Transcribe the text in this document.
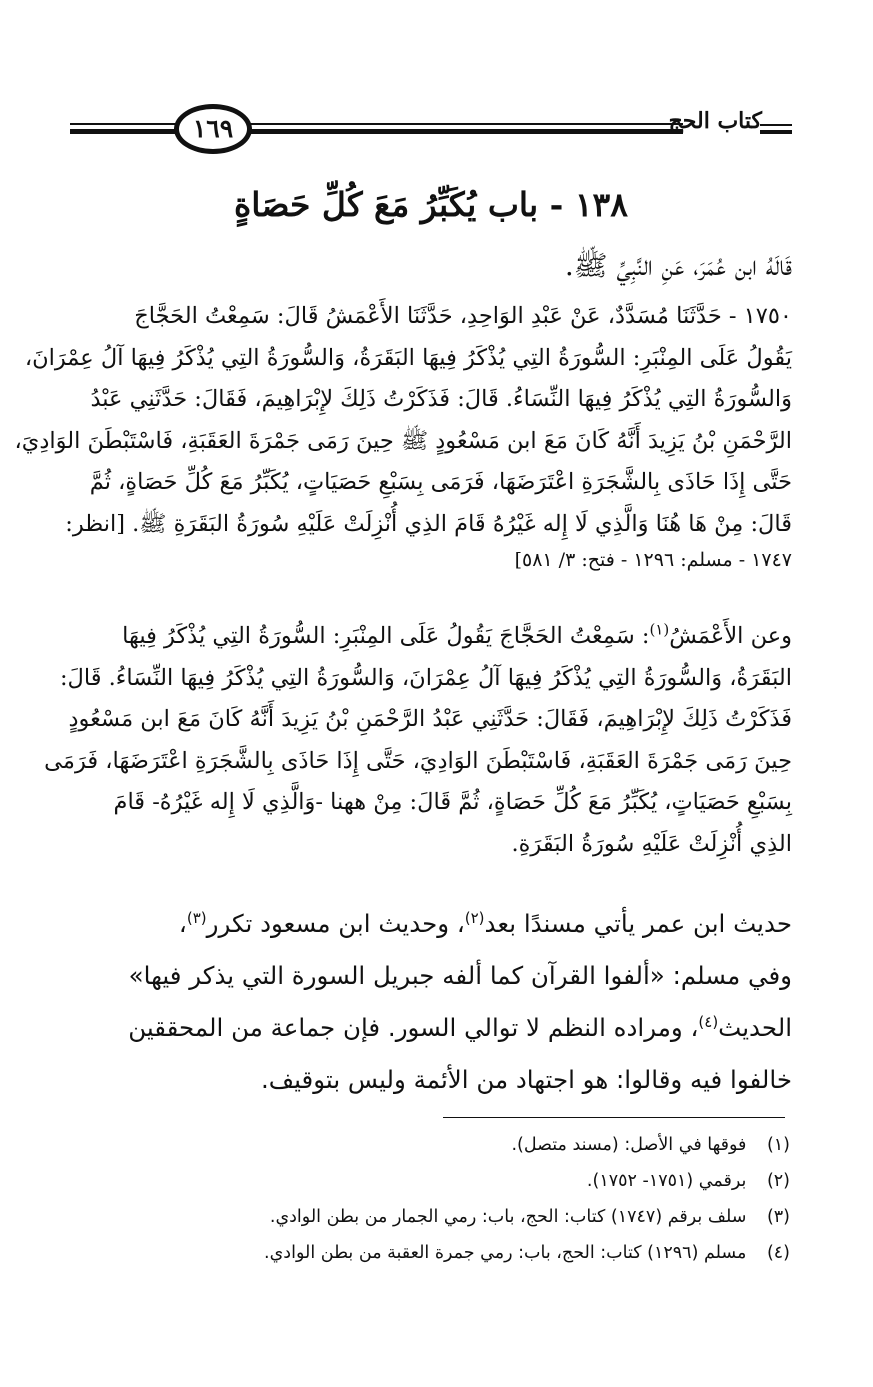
١٦٩	كتاب الحج
١٣٨ - باب يُكَبِّرُ مَعَ كُلِّ حَصَاةٍ
قَالَهُ ابن عُمَرَ، عَنِ النَّبِيِّ ﷺ.
١٧٥٠ - حَدَّثَنَا مُسَدَّدٌ، عَنْ عَبْدِ الوَاحِدِ، حَدَّثَنَا الأَعْمَشُ قَالَ: سَمِعْتُ الحَجَّاجَ
يَقُولُ عَلَى المِنْبَرِ: السُّورَةُ التِي يُذْكَرُ فِيهَا البَقَرَةُ، وَالسُّورَةُ التِي يُذْكَرُ فِيهَا آلُ عِمْرَانَ،
وَالسُّورَةُ التِي يُذْكَرُ فِيهَا النِّسَاءُ. قَالَ: فَذَكَرْتُ ذَلِكَ لإِبْرَاهِيمَ، فَقَالَ: حَدَّثَنِي عَبْدُ
الرَّحْمَنِ بْنُ يَزِيدَ أَنَّهُ كَانَ مَعَ ابن مَسْعُودٍ ﷺ حِينَ رَمَى جَمْرَةَ العَقَبَةِ، فَاسْتَبْطَنَ الوَادِيَ،
حَتَّى إِذَا حَاذَى بِالشَّجَرَةِ اعْتَرَضَهَا، فَرَمَى بِسَبْعِ حَصَيَاتٍ، يُكَبِّرُ مَعَ كُلِّ حَصَاةٍ، ثُمَّ
قَالَ: مِنْ هَا هُنَا وَالَّذِي لَا إِله غَيْرُهُ قَامَ الذِي أُنْزِلَتْ عَلَيْهِ سُورَةُ البَقَرَةِ ﷺ. [انظر:
١٧٤٧ - مسلم: ١٢٩٦ - فتح: ٣/ ٥٨١]
وعن الأَعْمَشُ$^{(١)}$: سَمِعْتُ الحَجَّاجَ يَقُولُ عَلَى المِنْبَرِ: السُّورَةُ التِي يُذْكَرُ فِيهَا
البَقَرَةُ، وَالسُّورَةُ التِي يُذْكَرُ فِيهَا آلُ عِمْرَانَ، وَالسُّورَةُ التِي يُذْكَرُ فِيهَا النِّسَاءُ. قَالَ:
فَذَكَرْتُ ذَلِكَ لإِبْرَاهِيمَ، فَقَالَ: حَدَّثَنِي عَبْدُ الرَّحْمَنِ بْنُ يَزِيدَ أَنَّهُ كَانَ مَعَ ابن مَسْعُودٍ
حِينَ رَمَى جَمْرَةَ العَقَبَةِ، فَاسْتَبْطَنَ الوَادِيَ، حَتَّى إِذَا حَاذَى بِالشَّجَرَةِ اعْتَرَضَهَا، فَرَمَى
بِسَبْعِ حَصَيَاتٍ، يُكَبِّرُ مَعَ كُلِّ حَصَاةٍ، ثُمَّ قَالَ: مِنْ ههنا -وَالَّذِي لَا إِله غَيْرُهُ- قَامَ
الذِي أُنْزِلَتْ عَلَيْهِ سُورَةُ البَقَرَةِ.
حديث ابن عمر يأتي مسندًا بعد$^{(٢)}$، وحديث ابن مسعود تكرر$^{(٣)}$،
وفي مسلم: «ألفوا القرآن كما ألفه جبريل السورة التي يذكر فيها»
الحديث$^{(٤)}$، ومراده النظم لا توالي السور. فإن جماعة من المحققين
خالفوا فيه وقالوا: هو اجتهاد من الأئمة وليس بتوقيف.
(١) فوقها في الأصل: (مسند متصل).
(٢) برقمي (١٧٥١- ١٧٥٢).
(٣) سلف برقم (١٧٤٧) كتاب: الحج، باب: رمي الجمار من بطن الوادي.
(٤) مسلم (١٢٩٦) كتاب: الحج، باب: رمي جمرة العقبة من بطن الوادي.
